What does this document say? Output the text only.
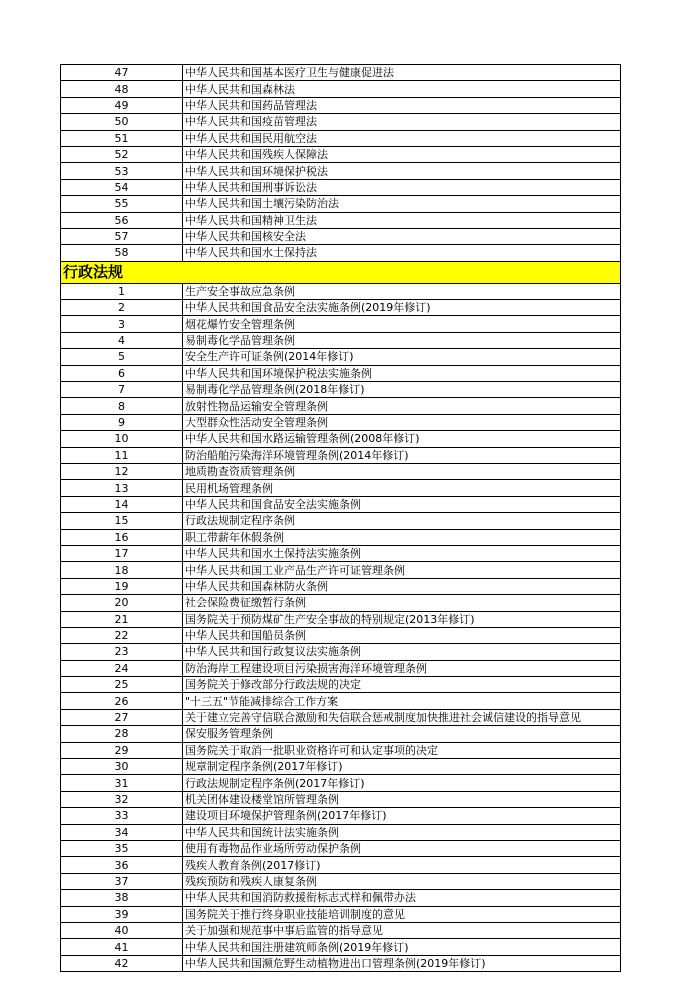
47	中华人民共和国基本医疗卫生与健康促进法
48	中华人民共和国森林法
49	中华人民共和国药品管理法
50	中华人民共和国疫苗管理法
51	中华人民共和国民用航空法
52	中华人民共和国残疾人保障法
53	中华人民共和国环境保护税法
54	中华人民共和国刑事诉讼法
55	中华人民共和国土壤污染防治法
56	中华人民共和国精神卫生法
57	中华人民共和国核安全法
58	中华人民共和国水土保持法
行政法规	
1	生产安全事故应急条例
2	中华人民共和国食品安全法实施条例(2019年修订)
3	烟花爆竹安全管理条例
4	易制毒化学品管理条例
5	安全生产许可证条例(2014年修订)
6	中华人民共和国环境保护税法实施条例
7	易制毒化学品管理条例(2018年修订)
8	放射性物品运输安全管理条例
9	大型群众性活动安全管理条例
10	中华人民共和国水路运输管理条例(2008年修订)
11	防治船舶污染海洋环境管理条例(2014年修订)
12	地质勘查资质管理条例
13	民用机场管理条例
14	中华人民共和国食品安全法实施条例
15	行政法规制定程序条例
16	职工带薪年休假条例
17	中华人民共和国水土保持法实施条例
18	中华人民共和国工业产品生产许可证管理条例
19	中华人民共和国森林防火条例
20	社会保险费征缴暂行条例
21	国务院关于预防煤矿生产安全事故的特别规定(2013年修订)
22	中华人民共和国船员条例
23	中华人民共和国行政复议法实施条例
24	防治海岸工程建设项目污染损害海洋环境管理条例
25	国务院关于修改部分行政法规的决定
26	"十三五"节能减排综合工作方案
27	关于建立完善守信联合激励和失信联合惩戒制度加快推进社会诚信建设的指导意见
28	保安服务管理条例
29	国务院关于取消一批职业资格许可和认定事项的决定
30	规章制定程序条例(2017年修订)
31	行政法规制定程序条例(2017年修订)
32	机关团体建设楼堂馆所管理条例
33	建设项目环境保护管理条例(2017年修订)
34	中华人民共和国统计法实施条例
35	使用有毒物品作业场所劳动保护条例
36	残疾人教育条例(2017修订)
37	残疾预防和残疾人康复条例
38	中华人民共和国消防救援衔标志式样和佩带办法
39	国务院关于推行终身职业技能培训制度的意见
40	关于加强和规范事中事后监管的指导意见
41	中华人民共和国注册建筑师条例(2019年修订)
42	中华人民共和国濒危野生动植物进出口管理条例(2019年修订)
